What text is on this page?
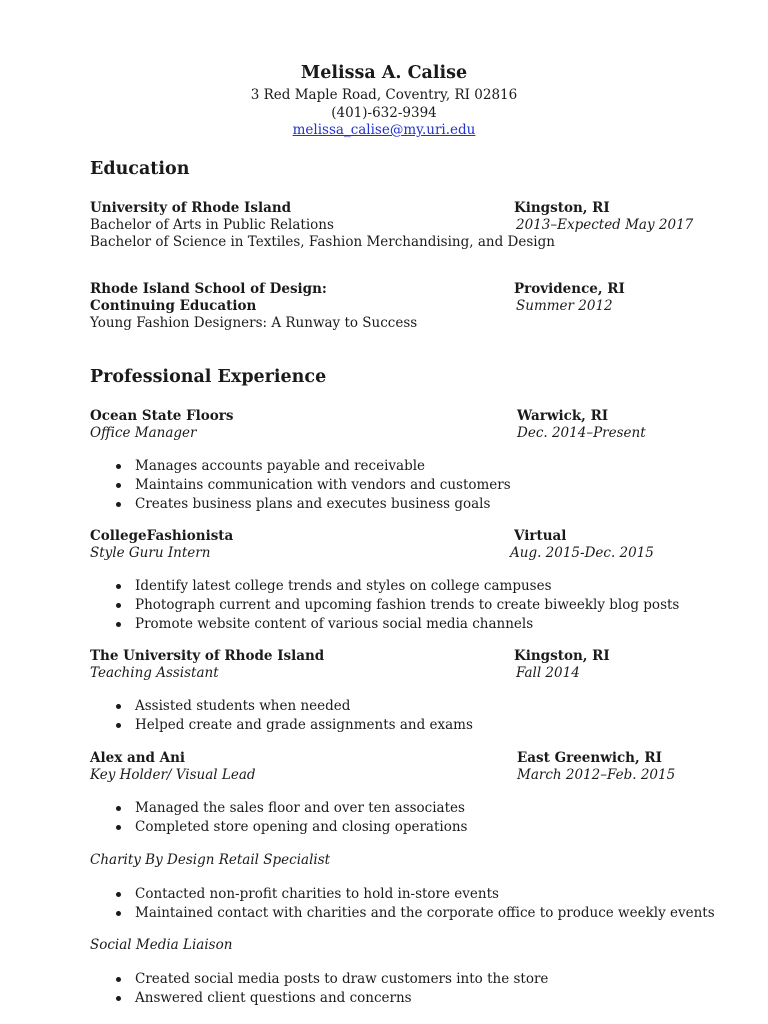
Melissa A. Calise
3 Red Maple Road, Coventry, RI 02816
(401)-632-9394
melissa_calise@my.uri.edu
Education
University of Rhode Island	Kingston, RI
Bachelor of Arts in Public Relations	2013–Expected May 2017
Bachelor of Science in Textiles, Fashion Merchandising, and Design
Rhode Island School of Design:	Providence, RI
Continuing Education	Summer 2012
Young Fashion Designers: A Runway to Success
Professional Experience
Ocean State Floors	Warwick, RI
Office Manager	Dec. 2014–Present
Manages accounts payable and receivable
Maintains communication with vendors and customers
Creates business plans and executes business goals
CollegeFashionista	Virtual
Style Guru Intern	Aug. 2015-Dec. 2015
Identify latest college trends and styles on college campuses
Photograph current and upcoming fashion trends to create biweekly blog posts
Promote website content of various social media channels
The University of Rhode Island	Kingston, RI
Teaching Assistant	Fall 2014
Assisted students when needed
Helped create and grade assignments and exams
Alex and Ani	East Greenwich, RI
Key Holder/ Visual Lead	March 2012–Feb. 2015
Managed the sales floor and over ten associates
Completed store opening and closing operations
Charity By Design Retail Specialist
Contacted non-profit charities to hold in-store events
Maintained contact with charities and the corporate office to produce weekly events
Social Media Liaison
Created social media posts to draw customers into the store
Answered client questions and concerns
